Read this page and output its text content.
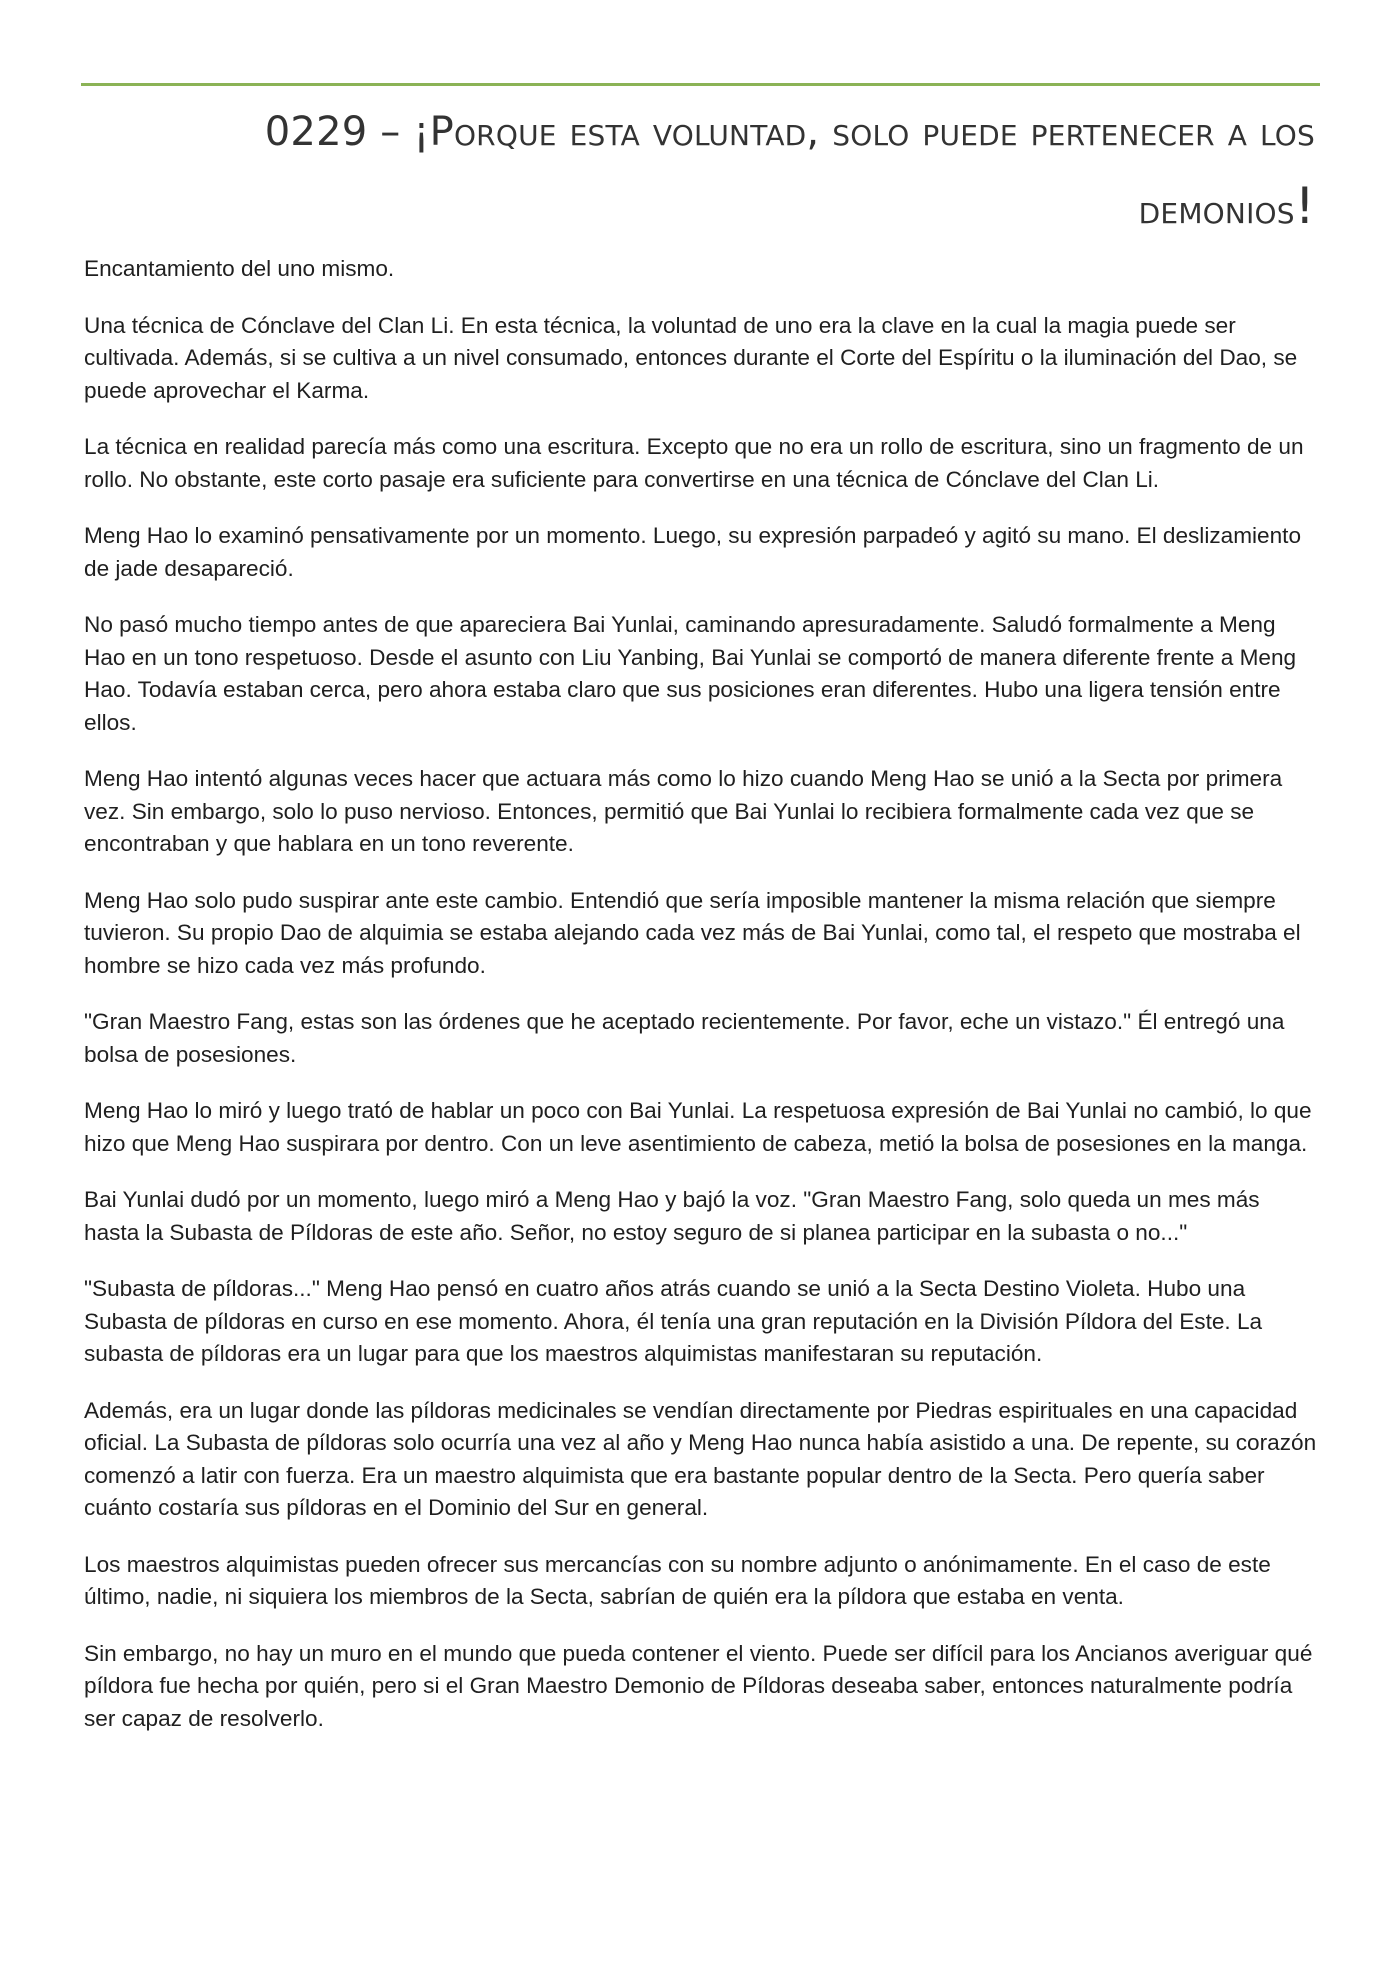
0229 – ¡Porque esta voluntad, solo puede pertenecer a los demonios!

Encantamiento del uno mismo.

Una técnica de Cónclave del Clan Li. En esta técnica, la voluntad de uno era la clave en la cual la magia puede ser cultivada. Además, si se cultiva a un nivel consumado, entonces durante el Corte del Espíritu o la iluminación del Dao, se puede aprovechar el Karma.

La técnica en realidad parecía más como una escritura. Excepto que no era un rollo de escritura, sino un fragmento de un rollo. No obstante, este corto pasaje era suficiente para convertirse en una técnica de Cónclave del Clan Li.

Meng Hao lo examinó pensativamente por un momento. Luego, su expresión parpadeó y agitó su mano. El deslizamiento de jade desapareció.

No pasó mucho tiempo antes de que apareciera Bai Yunlai, caminando apresuradamente. Saludó formalmente a Meng Hao en un tono respetuoso. Desde el asunto con Liu Yanbing, Bai Yunlai se comportó de manera diferente frente a Meng Hao. Todavía estaban cerca, pero ahora estaba claro que sus posiciones eran diferentes. Hubo una ligera tensión entre ellos.

Meng Hao intentó algunas veces hacer que actuara más como lo hizo cuando Meng Hao se unió a la Secta por primera vez. Sin embargo, solo lo puso nervioso. Entonces, permitió que Bai Yunlai lo recibiera formalmente cada vez que se encontraban y que hablara en un tono reverente.

Meng Hao solo pudo suspirar ante este cambio. Entendió que sería imposible mantener la misma relación que siempre tuvieron. Su propio Dao de alquimia se estaba alejando cada vez más de Bai Yunlai, como tal, el respeto que mostraba el hombre se hizo cada vez más profundo.

"Gran Maestro Fang, estas son las órdenes que he aceptado recientemente. Por favor, eche un vistazo." Él entregó una bolsa de posesiones.

Meng Hao lo miró y luego trató de hablar un poco con Bai Yunlai. La respetuosa expresión de Bai Yunlai no cambió, lo que hizo que Meng Hao suspirara por dentro. Con un leve asentimiento de cabeza, metió la bolsa de posesiones en la manga.

Bai Yunlai dudó por un momento, luego miró a Meng Hao y bajó la voz. "Gran Maestro Fang, solo queda un mes más hasta la Subasta de Píldoras de este año. Señor, no estoy seguro de si planea participar en la subasta o no..."

"Subasta de píldoras..." Meng Hao pensó en cuatro años atrás cuando se unió a la Secta Destino Violeta. Hubo una Subasta de píldoras en curso en ese momento. Ahora, él tenía una gran reputación en la División Píldora del Este. La subasta de píldoras era un lugar para que los maestros alquimistas manifestaran su reputación.

Además, era un lugar donde las píldoras medicinales se vendían directamente por Piedras espirituales en una capacidad oficial. La Subasta de píldoras solo ocurría una vez al año y Meng Hao nunca había asistido a una. De repente, su corazón comenzó a latir con fuerza. Era un maestro alquimista que era bastante popular dentro de la Secta. Pero quería saber cuánto costaría sus píldoras en el Dominio del Sur en general.

Los maestros alquimistas pueden ofrecer sus mercancías con su nombre adjunto o anónimamente. En el caso de este último, nadie, ni siquiera los miembros de la Secta, sabrían de quién era la píldora que estaba en venta.

Sin embargo, no hay un muro en el mundo que pueda contener el viento. Puede ser difícil para los Ancianos averiguar qué píldora fue hecha por quién, pero si el Gran Maestro Demonio de Píldoras deseaba saber, entonces naturalmente podría ser capaz de resolverlo.
